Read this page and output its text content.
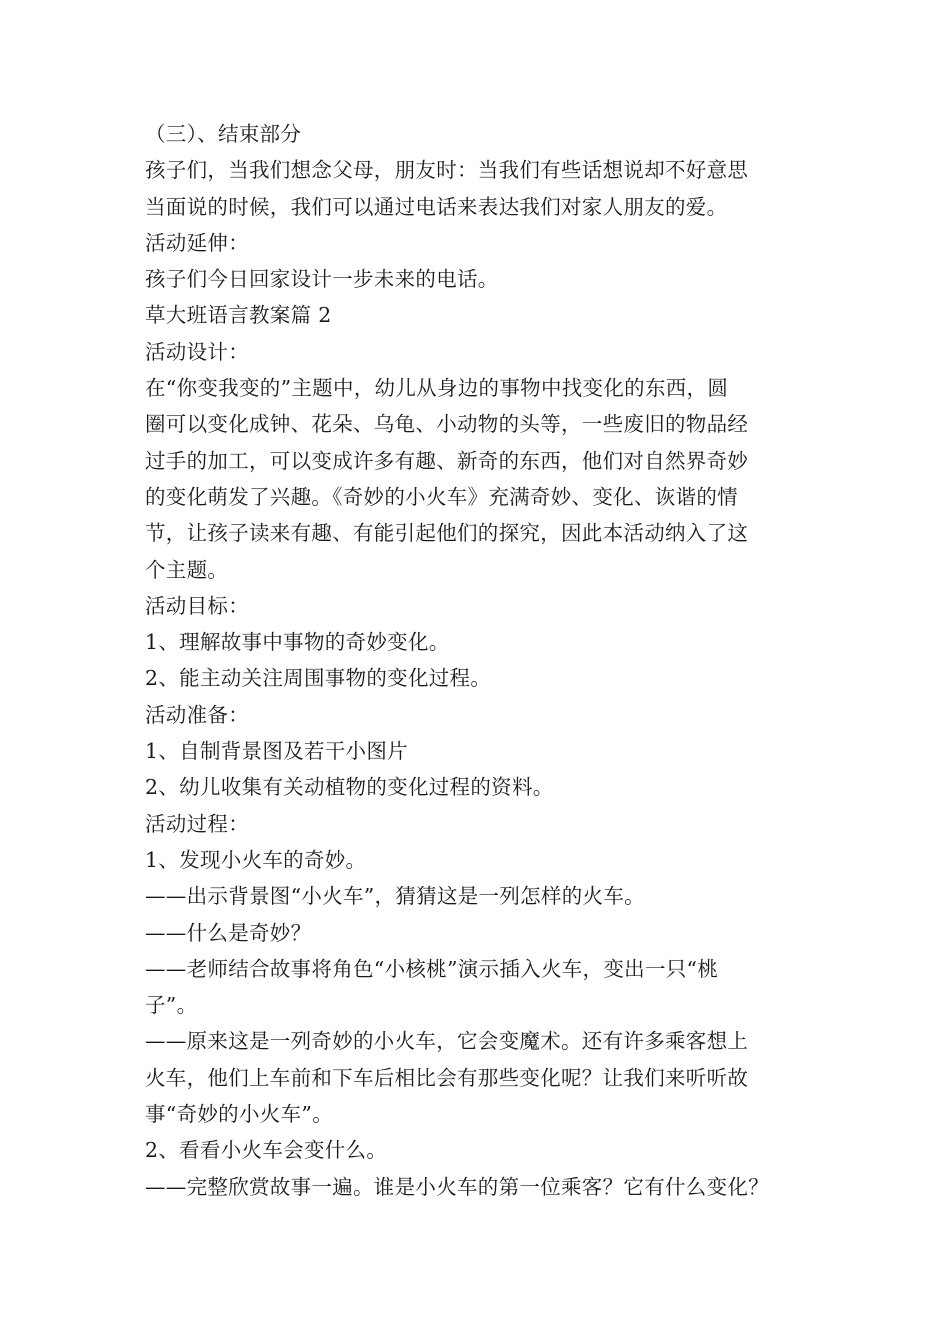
（三）、结束部分
孩子们，当我们想念父母，朋友时：当我们有些话想说却不好意思
当面说的时候，我们可以通过电话来表达我们对家人朋友的爱。
活动延伸：
孩子们今日回家设计一步未来的电话。
草大班语言教案篇 2
活动设计：
在“你变我变的”主题中，幼儿从身边的事物中找变化的东西，圆
圈可以变化成钟、花朵、乌龟、小动物的头等，一些废旧的物品经
过手的加工，可以变成许多有趣、新奇的东西，他们对自然界奇妙
的变化萌发了兴趣。《奇妙的小火车》充满奇妙、变化、诙谐的情
节，让孩子读来有趣、有能引起他们的探究，因此本活动纳入了这
个主题。
活动目标：
1、理解故事中事物的奇妙变化。
2、能主动关注周围事物的变化过程。
活动准备：
1、自制背景图及若干小图片
2、幼儿收集有关动植物的变化过程的资料。
活动过程：
1、发现小火车的奇妙。
——出示背景图“小火车”，猜猜这是一列怎样的火车。
——什么是奇妙？
——老师结合故事将角色“小核桃”演示插入火车，变出一只“桃
子”。
——原来这是一列奇妙的小火车，它会变魔术。还有许多乘客想上
火车，他们上车前和下车后相比会有那些变化呢？让我们来听听故
事“奇妙的小火车”。
2、看看小火车会变什么。
——完整欣赏故事一遍。谁是小火车的第一位乘客？它有什么变化？
